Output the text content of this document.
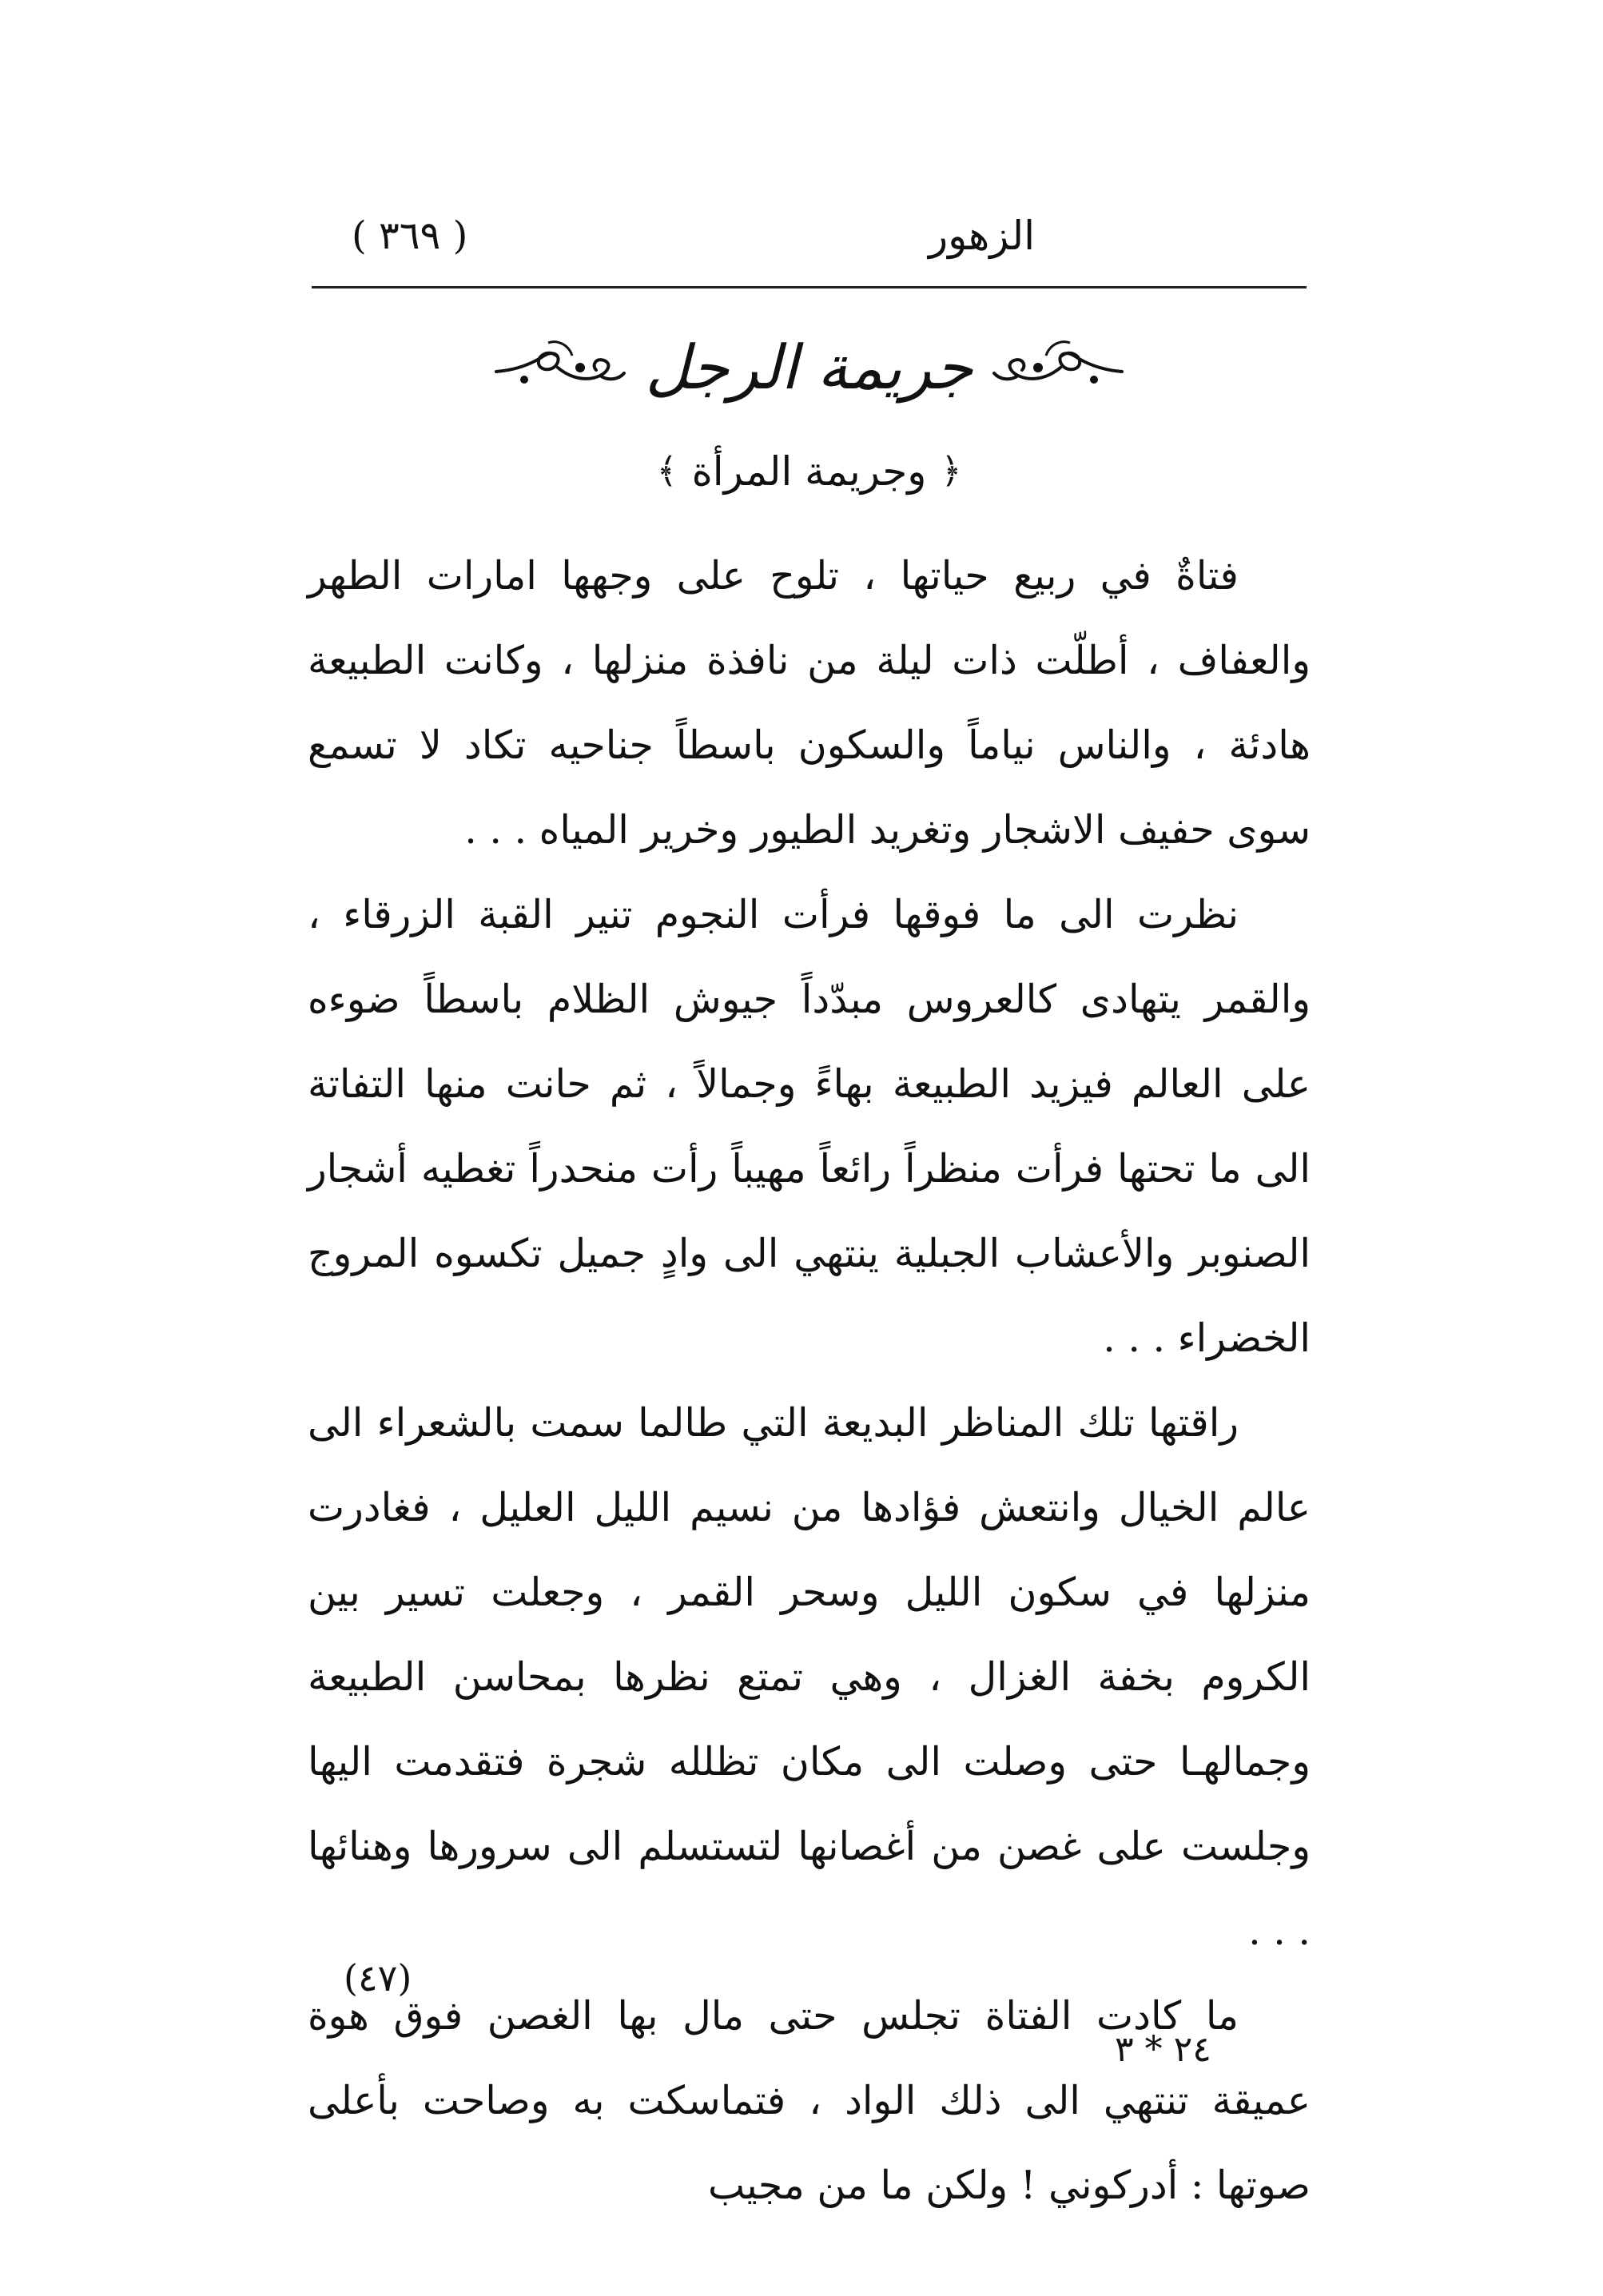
الزهور
( ٣٦٩ )
جريمة الرجل
﴿
وجريمة المرأة
﴾

فتاةٌ في ربيع حياتها ، تلوح على وجهها امارات الطهر والعفاف ، أطلّت ذات ليلة من نافذة منزلها ، وكانت الطبيعة هادئة ، والناس نياماً والسكون باسطاً جناحيه تكاد لا تسمع سوى حفيف الاشجار وتغريد الطيور وخرير المياه . . .

نظرت الى ما فوقها فرأت النجوم تنير القبة الزرقاء ، والقمر يتهادى كالعروس مبدّداً جيوش الظلام باسطاً ضوءه على العالم فيزيد الطبيعة بهاءً وجمالاً ، ثم حانت منها التفاتة الى ما تحتها فرأت منظراً رائعاً مهيباً رأت منحدراً تغطيه أشجار الصنوبر والأعشاب الجبلية ينتهي الى وادٍ جميل تكسوه المروج الخضراء . . .

راقتها تلك المناظر البديعة التي طالما سمت بالشعراء الى عالم الخيال وانتعش فؤادها من نسيم الليل العليل ، فغادرت منزلها في سكون الليل وسحر القمر ، وجعلت تسير بين الكروم بخفة الغزال ، وهي تمتع نظرها بمحاسن الطبيعة وجمالهـا حتى وصلت الى مكان تظلله شجرة فتقدمت اليها وجلست على غصن من أغصانها لتستسلم الى سرورها وهنائها . . .

ما كادت الفتاة تجلس حتى مال بها الغصن فوق هوة عميقة تنتهي الى ذلك الواد ، فتماسكت به وصاحت بأعلى صوتها : أدركوني ! ولكن ما من مجيب

(٤٧)
٢٤ * ٣
